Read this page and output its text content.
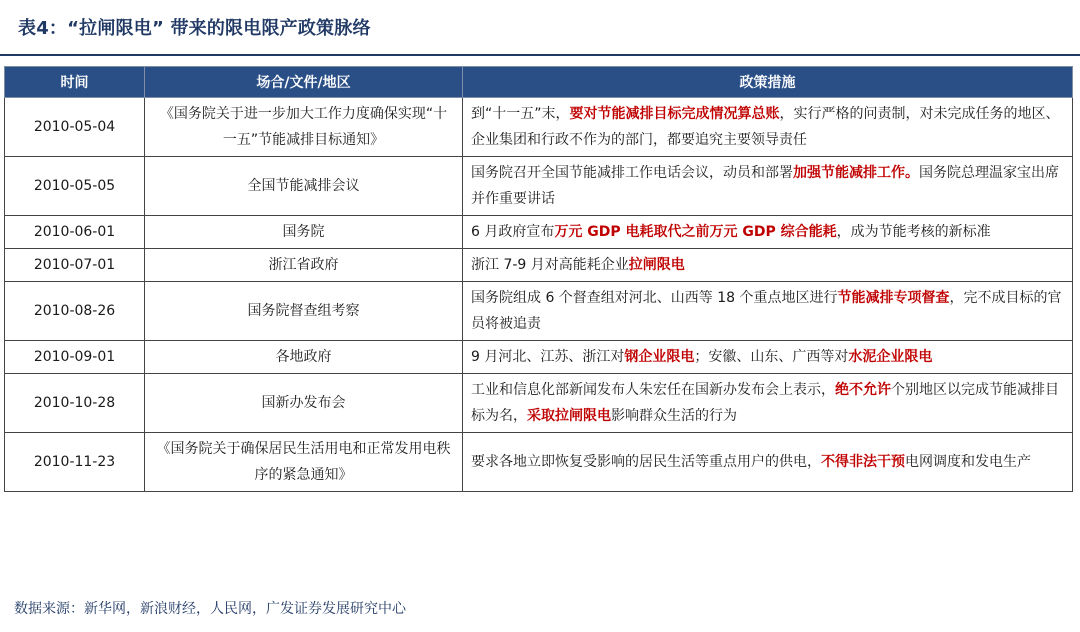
表4：“拉闸限电” 带来的限电限产政策脉络
时间	场合/文件/地区	政策措施
2010-05-04	《国务院关于进一步加大工作力度确保实现“十一五”节能减排目标通知》	到“十一五”末，要对节能减排目标完成情况算总账，实行严格的问责制，对未完成任务的地区、企业集团和行政不作为的部门，都要追究主要领导责任
2010-05-05	全国节能减排会议	国务院召开全国节能减排工作电话会议，动员和部署加强节能减排工作。国务院总理温家宝出席并作重要讲话
2010-06-01	国务院	6 月政府宣布万元 GDP 电耗取代之前万元 GDP 综合能耗，成为节能考核的新标准
2010-07-01	浙江省政府	浙江 7-9 月对高能耗企业拉闸限电
2010-08-26	国务院督查组考察	国务院组成 6 个督查组对河北、山西等 18 个重点地区进行节能减排专项督查，完不成目标的官员将被追责
2010-09-01	各地政府	9 月河北、江苏、浙江对钢企业限电；安徽、山东、广西等对水泥企业限电
2010-10-28	国新办发布会	工业和信息化部新闻发布人朱宏任在国新办发布会上表示，绝不允许个别地区以完成节能减排目标为名，采取拉闸限电影响群众生活的行为
2010-11-23	《国务院关于确保居民生活用电和正常发用电秩序的紧急通知》	要求各地立即恢复受影响的居民生活等重点用户的供电，不得非法干预电网调度和发电生产
数据来源：新华网，新浪财经，人民网，广发证券发展研究中心
